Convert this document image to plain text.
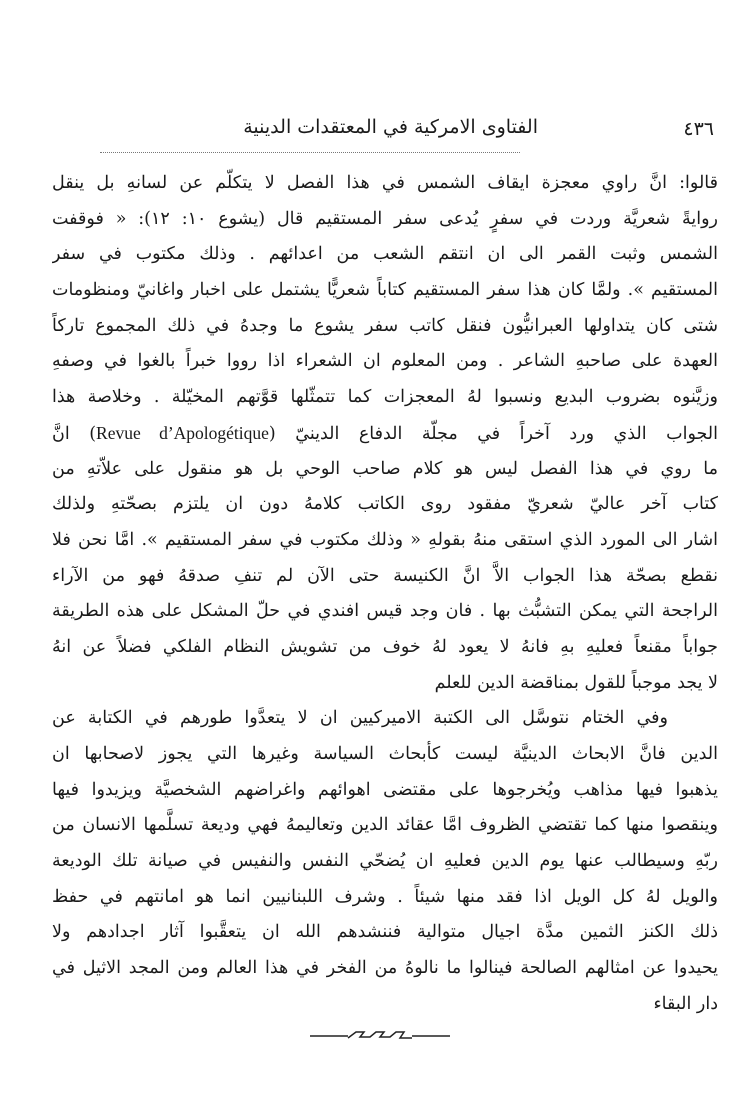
٤٣٦
الفتاوى الامركية في المعتقدات الدينية
قالوا: انَّ راوي معجزة ايقاف الشمس في هذا الفصل لا يتكلّم عن لسانهِ بل ينقل
روايةً شعريَّة وردت في سفرٍ يُدعى سفر المستقيم قال (يشوع ١٠: ١٢): « فوقفت
الشمس وثبت القمر الى ان انتقم الشعب من اعدائهم . وذلك مكتوب في سفر
المستقيم ». ولمَّا كان هذا سفر المستقيم كتاباً شعريًّا يشتمل على اخبار واغانيّ ومنظومات
شتى كان يتداولها العبرانيُّون فنقل كاتب سفر يشوع ما وجدهُ في ذلك المجموع تاركاً
العهدة على صاحبهِ الشاعر . ومن المعلوم ان الشعراء اذا رووا خبراً بالغوا في وصفهِ
وزيَّنوه بضروب البديع ونسبوا لهُ المعجزات كما تتمثّلها قوَّتهم المخيّلة . وخلاصة هذا
الجواب الذي ورد آخراً في مجلّة الدفاع الدينيّ (Revue d’Apologétique) انَّ
ما روي في هذا الفصل ليس هو كلام صاحب الوحي بل هو منقول على علاّتهِ من
كتاب آخر عاليّ شعريّ مفقود روى الكاتب كلامهُ دون ان يلتزم بصحّتهِ ولذلك
اشار الى المورد الذي استقى منهُ بقولهِ « وذلك مكتوب في سفر المستقيم ». امَّا نحن فلا
نقطع بصحّة هذا الجواب الاَّ انَّ الكنيسة حتى الآن لم تنفِ صدقهُ فهو من الآراء
الراجحة التي يمكن التشبُّث بها . فان وجد قيس افندي في حلّ المشكل على هذه الطريقة
جواباً مقنعاً فعليهِ بهِ فانهُ لا يعود لهُ خوف من تشويش النظام الفلكي فضلاً عن انهُ
لا يجد موجباً للقول بمناقضة الدين للعلم
وفي الختام نتوسَّل الى الكتبة الاميركيين ان لا يتعدَّوا طورهم في الكتابة عن
الدين فانَّ الابحاث الدينيَّة ليست كأبحاث السياسة وغيرها التي يجوز لاصحابها ان
يذهبوا فيها مذاهب ويُخرجوها على مقتضى اهوائهم واغراضهم الشخصيَّة ويزيدوا فيها
وينقصوا منها كما تقتضي الظروف امَّا عقائد الدين وتعاليمهُ فهي وديعة تسلَّمها الانسان من
ربّهِ وسيطالب عنها يوم الدين فعليهِ ان يُضحّي النفس والنفيس في صيانة تلك الوديعة
والويل لهُ كل الويل اذا فقد منها شيئاً . وشرف اللبنانيين انما هو امانتهم في حفظ
ذلك الكنز الثمين مدَّة اجيال متوالية فننشدهم الله ان يتعقَّبوا آثار اجدادهم ولا
يحيدوا عن امثالهم الصالحة فينالوا ما نالوهُ من الفخر في هذا العالم ومن المجد الاثيل في
دار البقاء
